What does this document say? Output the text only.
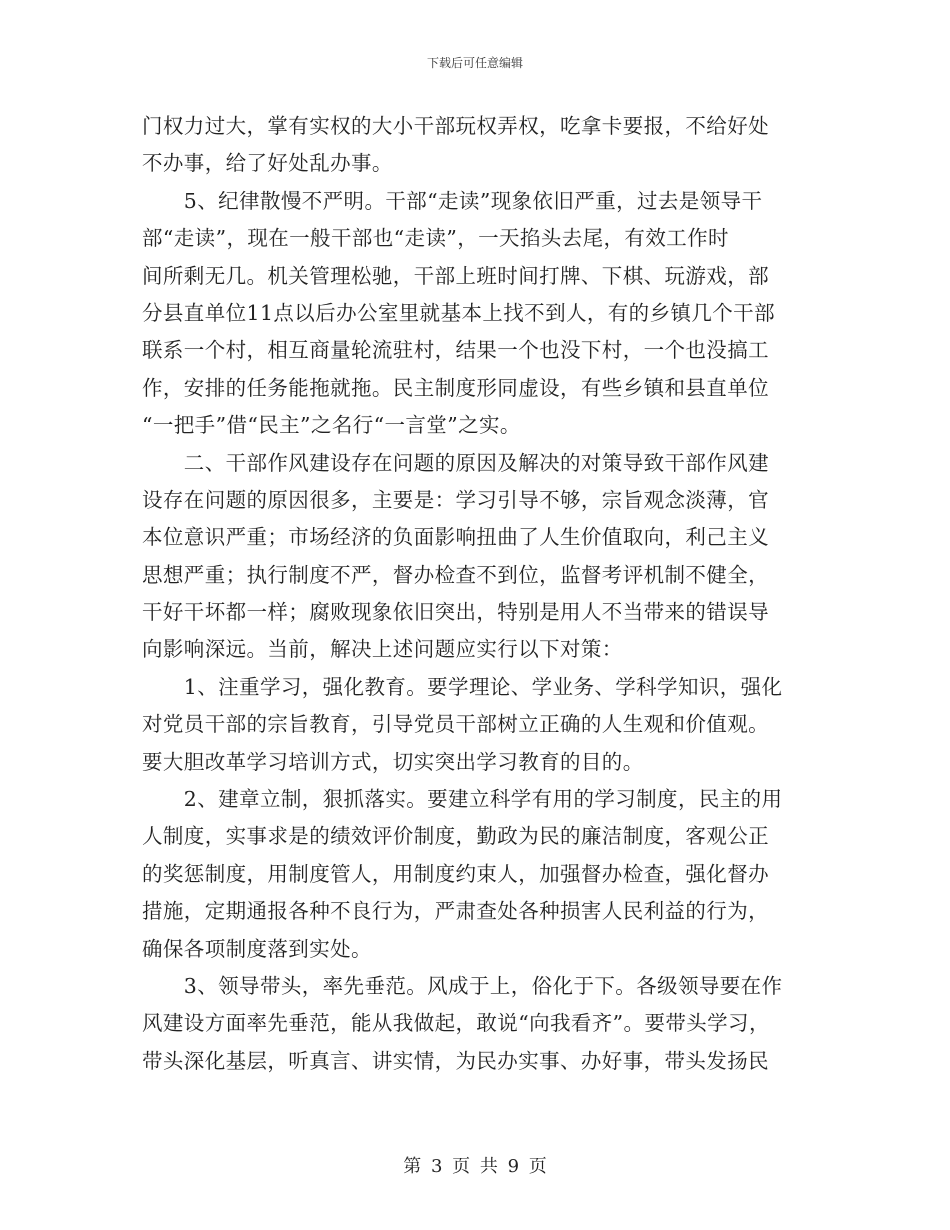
下载后可任意编辑
门权力过大，掌有实权的大小干部玩权弄权，吃拿卡要报，不给好处
不办事，给了好处乱办事。
　　5、纪律散慢不严明。干部“走读”现象依旧严重，过去是领导干
部“走读”，现在一般干部也“走读”，一天掐头去尾，有效工作时
间所剩无几。机关管理松驰，干部上班时间打牌、下棋、玩游戏，部
分县直单位11点以后办公室里就基本上找不到人，有的乡镇几个干部
联系一个村，相互商量轮流驻村，结果一个也没下村，一个也没搞工
作，安排的任务能拖就拖。民主制度形同虚设，有些乡镇和县直单位
“一把手”借“民主”之名行“一言堂”之实。
　　二、干部作风建设存在问题的原因及解决的对策导致干部作风建
设存在问题的原因很多，主要是：学习引导不够，宗旨观念淡薄，官
本位意识严重；市场经济的负面影响扭曲了人生价值取向，利己主义
思想严重；执行制度不严，督办检查不到位，监督考评机制不健全，
干好干坏都一样；腐败现象依旧突出，特别是用人不当带来的错误导
向影响深远。当前，解决上述问题应实行以下对策：
　　1、注重学习，强化教育。要学理论、学业务、学科学知识，强化
对党员干部的宗旨教育，引导党员干部树立正确的人生观和价值观。
要大胆改革学习培训方式，切实突出学习教育的目的。
　　2、建章立制，狠抓落实。要建立科学有用的学习制度，民主的用
人制度，实事求是的绩效评价制度，勤政为民的廉洁制度，客观公正
的奖惩制度，用制度管人，用制度约束人，加强督办检查，强化督办
措施，定期通报各种不良行为，严肃查处各种损害人民利益的行为，
确保各项制度落到实处。
　　3、领导带头，率先垂范。风成于上，俗化于下。各级领导要在作
风建设方面率先垂范，能从我做起，敢说“向我看齐”。要带头学习，
带头深化基层，听真言、讲实情，为民办实事、办好事，带头发扬民
第 3 页 共 9 页
